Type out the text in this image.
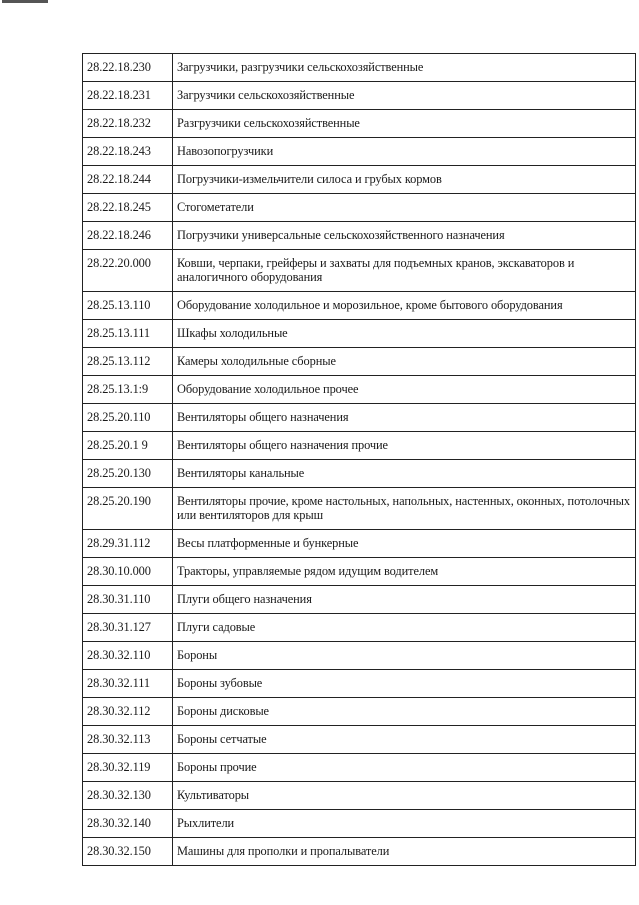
28.22.18.230	Загрузчики, разгрузчики сельскохозяйственные
28.22.18.231	Загрузчики сельскохозяйственные
28.22.18.232	Разгрузчики сельскохозяйственные
28.22.18.243	Навозопогрузчики
28.22.18.244	Погрузчики-измельчители силоса и грубых кормов
28.22.18.245	Стогометатели
28.22.18.246	Погрузчики универсальные сельскохозяйственного назначения
28.22.20.000	Ковши, черпаки, грейферы и захваты для подъемных кранов, экскаваторов и аналогичного оборудования
28.25.13.110	Оборудование холодильное и морозильное, кроме бытового оборудования
28.25.13.111	Шкафы холодильные
28.25.13.112	Камеры холодильные сборные
28.25.13.1:9	Оборудование холодильное прочее
28.25.20.110	Вентиляторы общего назначения
28.25.20.1 9	Вентиляторы общего назначения прочие
28.25.20.130	Вентиляторы канальные
28.25.20.190	Вентиляторы прочие, кроме настольных, напольных, настенных, оконных, потолочных или вентиляторов для крыш
28.29.31.112	Весы платформенные и бункерные
28.30.10.000	Тракторы, управляемые рядом идущим водителем
28.30.31.110	Плуги общего назначения
28.30.31.127	Плуги садовые
28.30.32.110	Бороны
28.30.32.111	Бороны зубовые
28.30.32.112	Бороны дисковые
28.30.32.113	Бороны сетчатые
28.30.32.119	Бороны прочие
28.30.32.130	Культиваторы
28.30.32.140	Рыхлители
28.30.32.150	Машины для прополки и пропалыватели
